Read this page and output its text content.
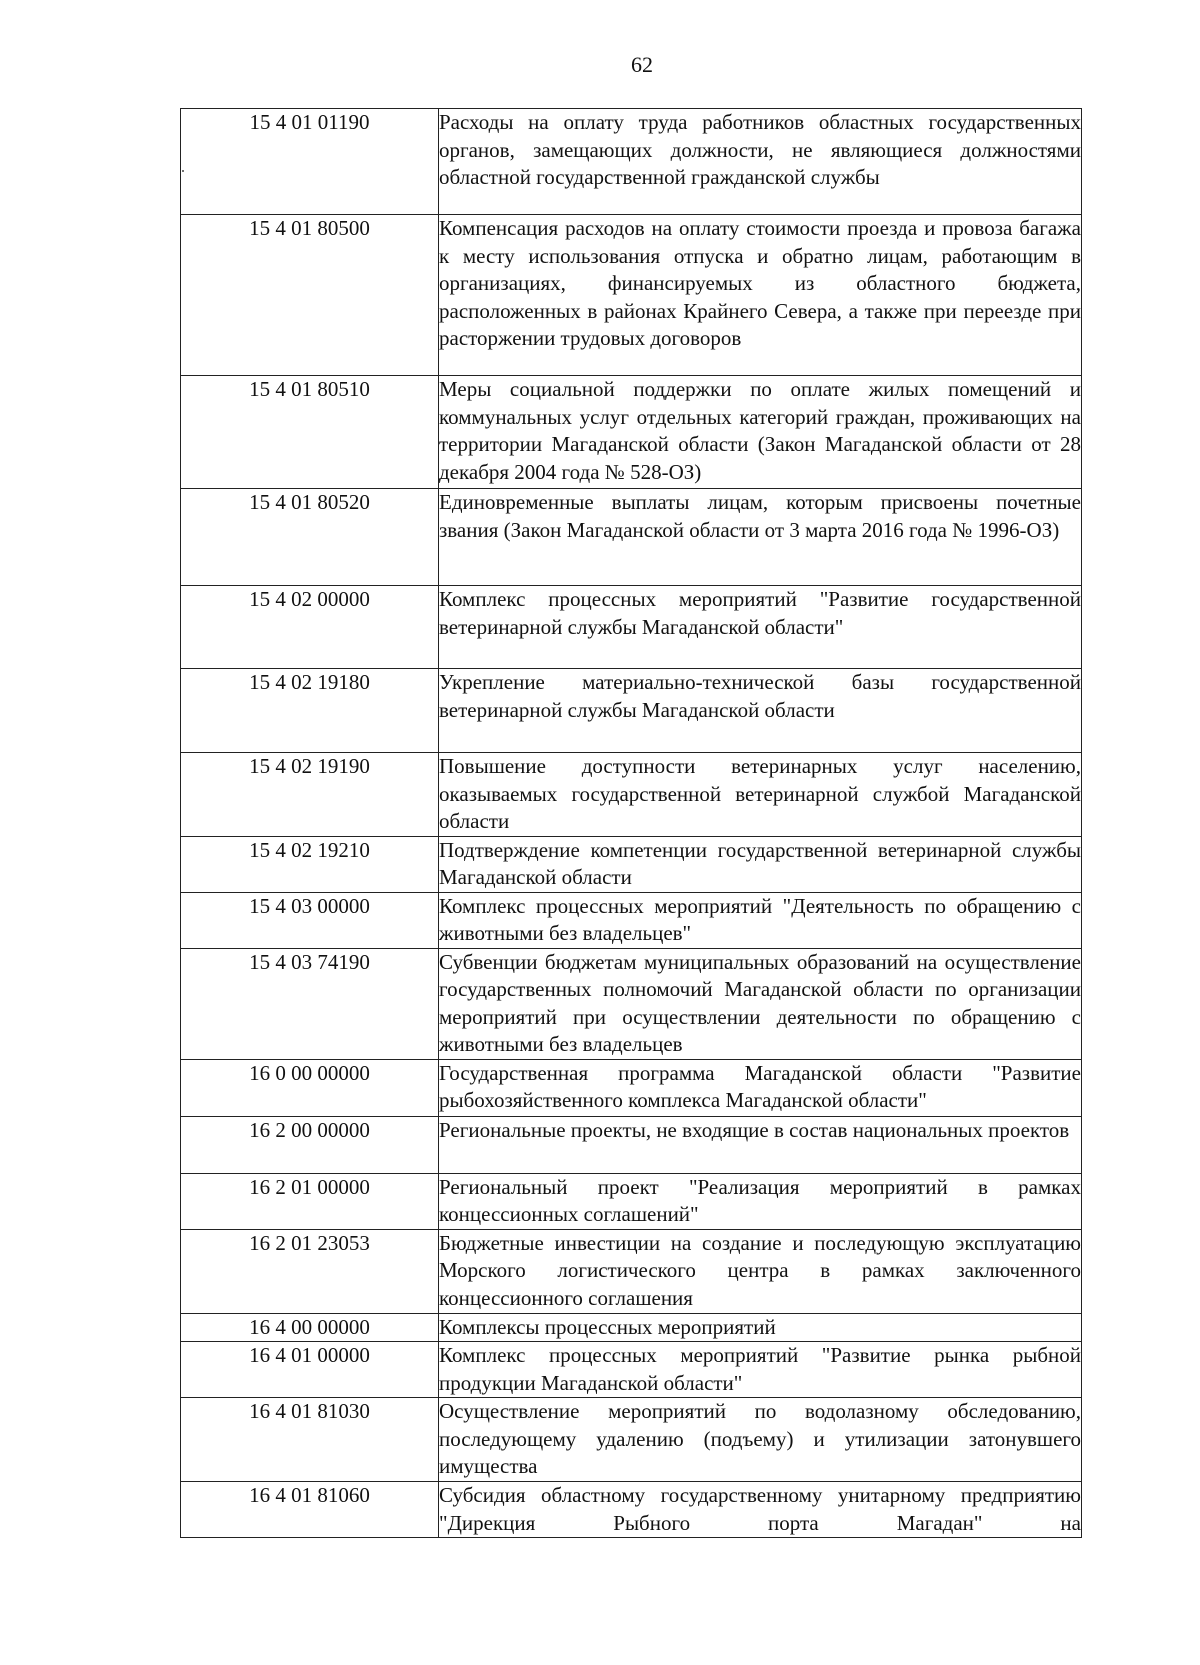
62
15 4 01 01190	Расходы на оплату труда работников областных государственных органов, замещающих должности, не являющиеся должностями областной государственной гражданской службы
15 4 01 80500	Компенсация расходов на оплату стоимости проезда и провоза багажа к месту использования отпуска и обратно лицам, работающим в организациях, финансируемых из областного бюджета, расположенных в районах Крайнего Севера, а также при переезде при расторжении трудовых договоров
15 4 01 80510	Меры социальной поддержки по оплате жилых помещений и коммунальных услуг отдельных категорий граждан, проживающих на территории Магаданской области (Закон Магаданской области от 28 декабря 2004 года № 528-ОЗ)
15 4 01 80520	Единовременные выплаты лицам, которым присвоены почетные звания (Закон Магаданской области от 3 марта 2016 года № 1996-ОЗ)
15 4 02 00000	Комплекс процессных мероприятий "Развитие государственной ветеринарной службы Магаданской области"
15 4 02 19180	Укрепление материально-технической базы государственной ветеринарной службы Магаданской области
15 4 02 19190	Повышение доступности ветеринарных услуг населению, оказываемых государственной ветеринарной службой Магаданской области
15 4 02 19210	Подтверждение компетенции государственной ветеринарной службы Магаданской области
15 4 03 00000	Комплекс процессных мероприятий "Деятельность по обращению с животными без владельцев"
15 4 03 74190	Субвенции бюджетам муниципальных образований на осуществление государственных полномочий Магаданской области по организации мероприятий при осуществлении деятельности по обращению с животными без владельцев
16 0 00 00000	Государственная программа Магаданской области "Развитие рыбохозяйственного комплекса Магаданской области"
16 2 00 00000	Региональные проекты, не входящие в состав национальных проектов
16 2 01 00000	Региональный проект "Реализация мероприятий в рамках концессионных соглашений"
16 2 01 23053	Бюджетные инвестиции на создание и последующую эксплуатацию Морского логистического центра в рамках заключенного концессионного соглашения
16 4 00 00000	Комплексы процессных мероприятий
16 4 01 00000	Комплекс процессных мероприятий "Развитие рынка рыбной продукции Магаданской области"
16 4 01 81030	Осуществление мероприятий по водолазному обследованию, последующему удалению (подъему) и утилизации затонувшего имущества
16 4 01 81060	Субсидия областному государственному унитарному предприятию "Дирекция Рыбного порта Магадан" на
